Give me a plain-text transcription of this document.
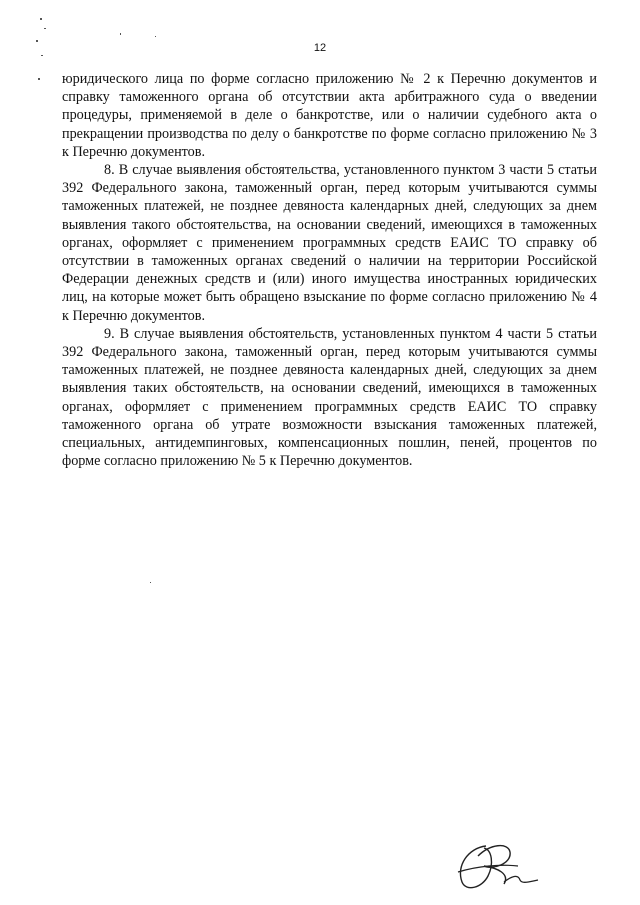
12

юридического лица по форме согласно приложению № 2 к Перечню документов и справку таможенного органа об отсутствии акта арбитражного суда о введении процедуры, применяемой в деле о банкротстве, или о наличии судебного акта о прекращении производства по делу о банкротстве по форме согласно приложению № 3 к Перечню документов.

8. В случае выявления обстоятельства, установленного пунктом 3 части 5 статьи 392 Федерального закона, таможенный орган, перед которым учитываются суммы таможенных платежей, не позднее девяноста календарных дней, следующих за днем выявления такого обстоятельства, на основании сведений, имеющихся в таможенных органах, оформляет с применением программных средств ЕАИС ТО справку об отсутствии в таможенных органах сведений о наличии на территории Российской Федерации денежных средств и (или) иного имущества иностранных юридических лиц, на которые может быть обращено взыскание по форме согласно приложению № 4 к Перечню документов.

9. В случае выявления обстоятельств, установленных пунктом 4 части 5 статьи 392 Федерального закона, таможенный орган, перед которым учитываются суммы таможенных платежей, не позднее девяноста календарных дней, следующих за днем выявления таких обстоятельств, на основании сведений, имеющихся в таможенных органах, оформляет с применением программных средств ЕАИС ТО справку таможенного органа об утрате возможности взыскания таможенных платежей, специальных, антидемпинговых, компенсационных пошлин, пеней, процентов по форме согласно приложению № 5 к Перечню документов.
